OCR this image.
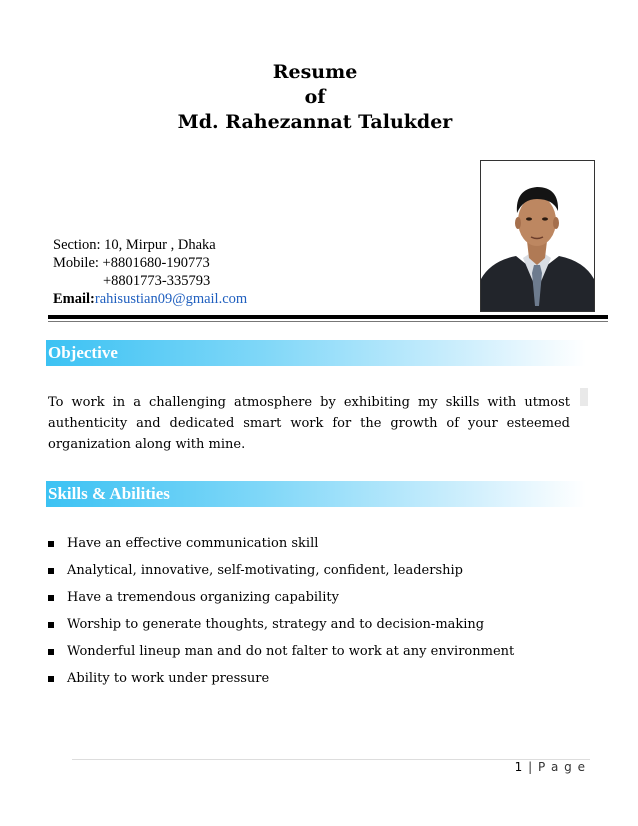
Resume
of
Md. Rahezannat Talukder
Section: 10, Mirpur , Dhaka
Mobile: +8801680-190773
+8801773-335793
Email:rahisustian09@gmail.com
Objective
To work in a challenging atmosphere by exhibiting my skills with utmost authenticity and dedicated smart work for the growth of your esteemed organization along with mine.
Skills & Abilities
Have an effective communication skill
Analytical, innovative, self-motivating, confident, leadership
Have a tremendous organizing capability
Worship to generate thoughts, strategy and to decision-making
Wonderful lineup man and do not falter to work at any environment
Ability to work under pressure
1 | P a g e
